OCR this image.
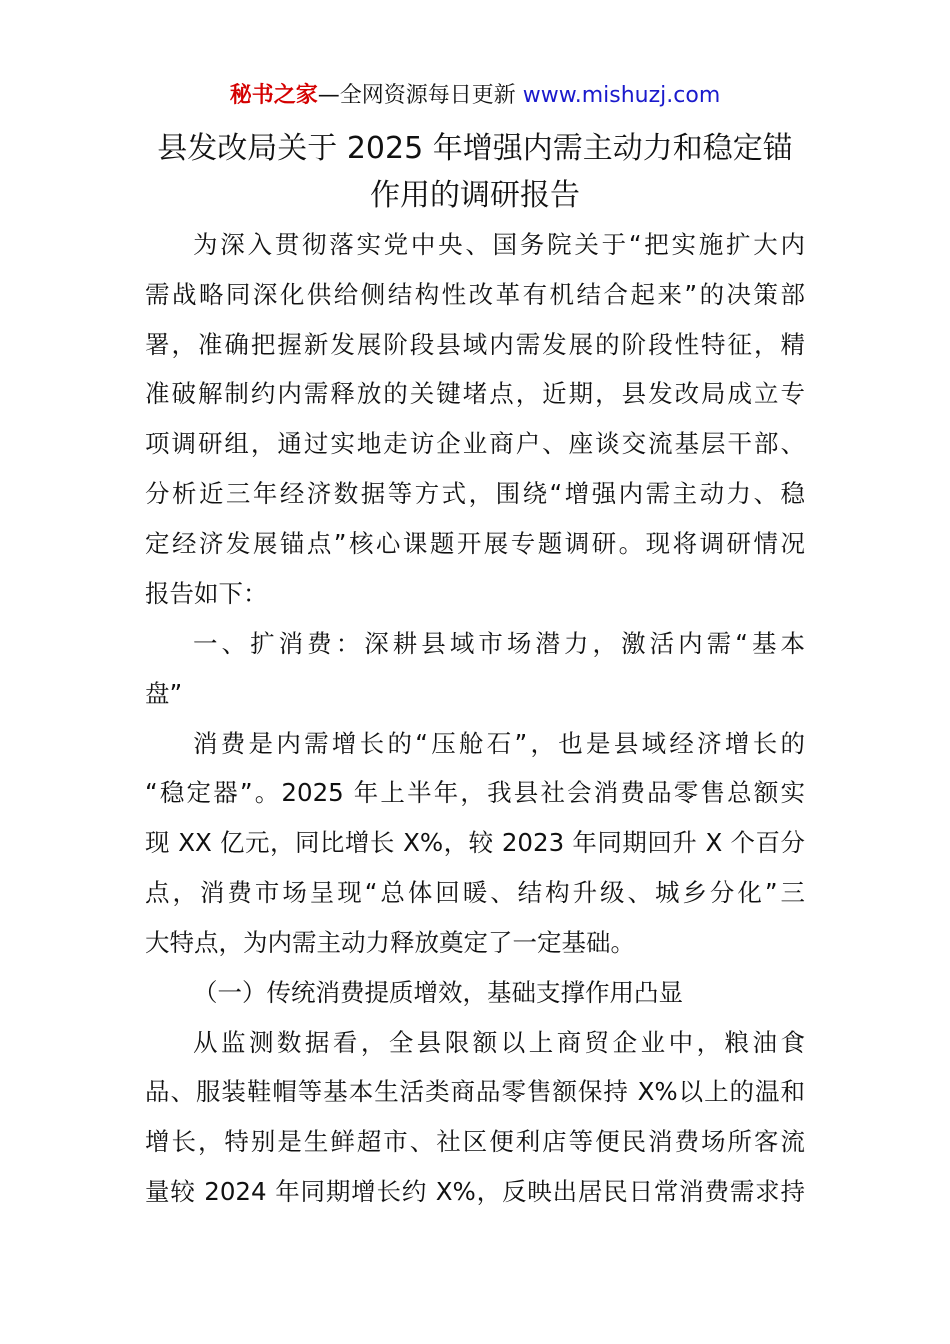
秘书之家—全网资源每日更新 www.mishuzj.com
县发改局关于 2025 年增强内需主动力和稳定锚
作用的调研报告
为深入贯彻落实党中央、国务院关于“把实施扩大内
需战略同深化供给侧结构性改革有机结合起来”的决策部
署，准确把握新发展阶段县域内需发展的阶段性特征，精
准破解制约内需释放的关键堵点，近期，县发改局成立专
项调研组，通过实地走访企业商户、座谈交流基层干部、
分析近三年经济数据等方式，围绕“增强内需主动力、稳
定经济发展锚点”核心课题开展专题调研。现将调研情况
报告如下：
一、扩消费：深耕县域市场潜力，激活内需“基本
盘”
消费是内需增长的“压舱石”，也是县域经济增长的
“稳定器”。2025 年上半年，我县社会消费品零售总额实
现 XX 亿元，同比增长 X%，较 2023 年同期回升 X 个百分
点，消费市场呈现“总体回暖、结构升级、城乡分化”三
大特点，为内需主动力释放奠定了一定基础。
（一）传统消费提质增效，基础支撑作用凸显
从监测数据看，全县限额以上商贸企业中，粮油食
品、服装鞋帽等基本生活类商品零售额保持 X%以上的温和
增长，特别是生鲜超市、社区便利店等便民消费场所客流
量较 2024 年同期增长约 X%，反映出居民日常消费需求持
